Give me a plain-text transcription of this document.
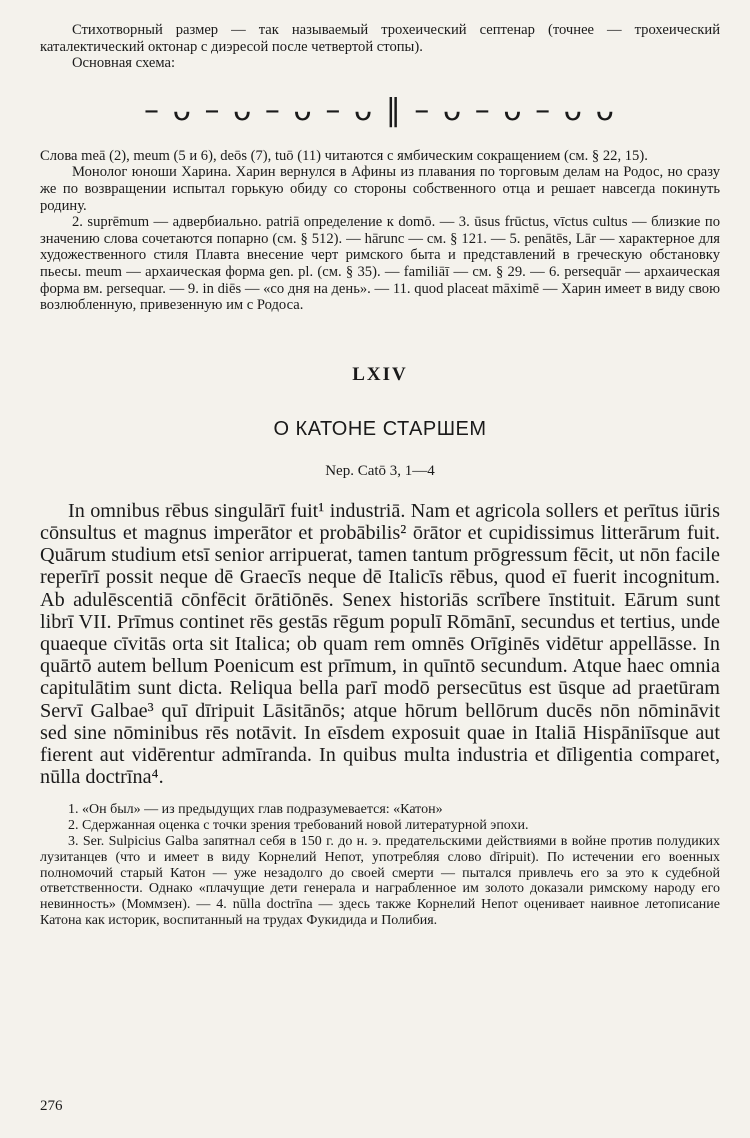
Стихотворный размер — так называемый трохеический септенар (точнее — трохеический каталектический октонар с диэресой после четвертой стопы).

Основная схема:

– ᴗ – ᴗ – ᴗ – ᴗ ‖ – ᴗ – ᴗ – ᴗ ᴗ

Слова meā (2), meum (5 и 6), deōs (7), tuō (11) читаются с ямбическим сокращением (см. § 22, 15).

Монолог юноши Харина. Харин вернулся в Афины из плавания по торговым делам на Родос, но сразу же по возвращении испытал горькую обиду со стороны собственного отца и решает навсегда покинуть родину.

2. suprēmum — адвербиально. patriā определение к domō. — 3. ūsus frūctus, vīctus cultus — близкие по значению слова сочетаются попарно (см. § 512). — hārunc — см. § 121. — 5. penātēs, Lār — характерное для художественного стиля Плавта внесение черт римского быта и представлений в греческую обстановку пьесы. meum — архаическая форма gen. pl. (см. § 35). — familiāī — см. § 29. — 6. persequār — архаическая форма вм. persequar. — 9. in diēs — «со дня на день». — 11. quod placeat māximē — Харин имеет в виду свою возлюбленную, привезенную им с Родоса.

LXIV
О КАТОНЕ СТАРШЕМ
Nep. Catō 3, 1—4

In omnibus rēbus singulārī fuit¹ industriā. Nam et agricola sollers et perītus iūris cōnsultus et magnus imperātor et probābilis² ōrātor et cupidissimus litterārum fuit. Quārum studium etsī senior arripuerat, tamen tantum prōgressum fēcit, ut nōn facile reperīrī possit neque dē Graecīs neque dē Italicīs rēbus, quod eī fuerit incognitum. Ab adulēscentiā cōnfēcit ōrātiōnēs. Senex historiās scrībere īnstituit. Eārum sunt librī VII. Prīmus continet rēs gestās rēgum populī Rōmānī, secundus et tertius, unde quaeque cīvitās orta sit Italica; ob quam rem omnēs Orīginēs vidētur appellāsse. In quārtō autem bellum Poenicum est prīmum, in quīntō secundum. Atque haec omnia capitulātim sunt dicta. Reliqua bella parī modō persecūtus est ūsque ad praetūram Servī Galbae³ quī dīripuit Lāsitānōs; atque hōrum bellōrum ducēs nōn nōmināvit sed sine nōminibus rēs notāvit. In eīsdem exposuit quae in Italiā Hispāniīsque aut fierent aut vidērentur admīranda. In quibus multa industria et dīligentia comparet, nūlla doctrīna⁴.

1. «Он был» — из предыдущих глав подразумевается: «Катон»

2. Сдержанная оценка с точки зрения требований новой литературной эпохи.

3. Ser. Sulpicius Galba запятнал себя в 150 г. до н. э. предательскими действиями в войне против полудиких лузитанцев (что и имеет в виду Корнелий Непот, употребляя слово dīripuit). По истечении его военных полномочий старый Катон — уже незадолго до своей смерти — пытался привлечь его за это к судебной ответственности. Однако «плачущие дети генерала и награбленное им золото доказали римскому народу его невинность» (Моммзен). — 4. nūlla doctrīna — здесь также Корнелий Непот оценивает наивное летописание Катона как историк, воспитанный на трудах Фукидида и Полибия.

276
